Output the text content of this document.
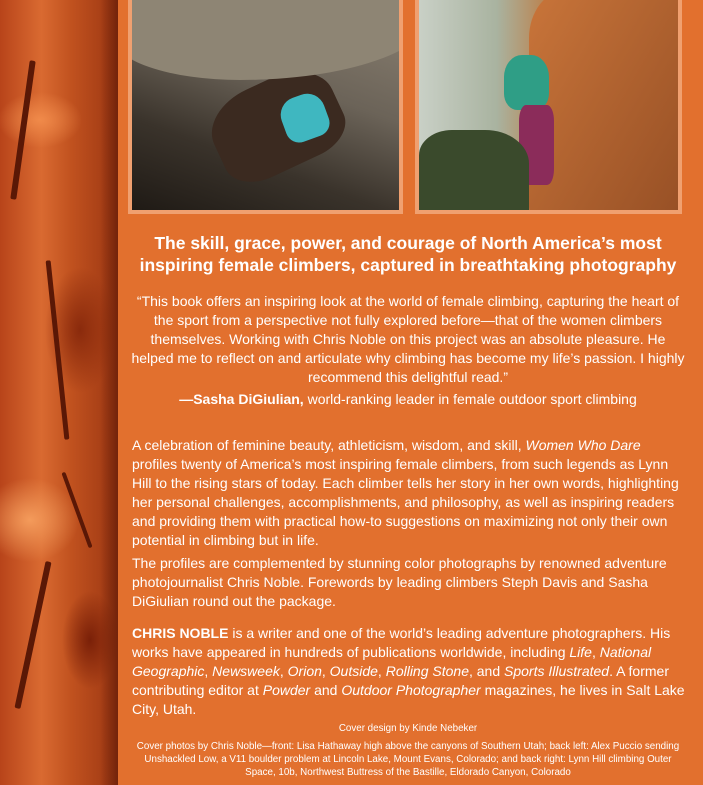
The skill, grace, power, and courage of North America’s most inspiring female climbers, captured in breathtaking photography

“This book offers an inspiring look at the world of female climbing, capturing the heart of the sport from a perspective not fully explored before—that of the women climbers themselves. Working with Chris Noble on this project was an absolute pleasure. He helped me to reflect on and articulate why climbing has become my life’s passion. I highly recommend this delightful read.”

—Sasha DiGiulian, world-ranking leader in female outdoor sport climbing

A celebration of feminine beauty, athleticism, wisdom, and skill, Women Who Dare profiles twenty of America’s most inspiring female climbers, from such legends as Lynn Hill to the rising stars of today. Each climber tells her story in her own words, highlighting her personal challenges, accomplishments, and philosophy, as well as inspiring readers and providing them with practical how-to suggestions on maximizing not only their own potential in climbing but in life.

The profiles are complemented by stunning color photographs by renowned adventure photojournalist Chris Noble. Forewords by leading climbers Steph Davis and Sasha DiGiulian round out the package.

CHRIS NOBLE is a writer and one of the world’s leading adventure photographers. His works have appeared in hundreds of publications worldwide, including Life, National Geographic, Newsweek, Orion, Outside, Rolling Stone, and Sports Illustrated. A former contributing editor at Powder and Outdoor Photographer magazines, he lives in Salt Lake City, Utah.

Cover design by Kinde Nebeker

Cover photos by Chris Noble—front: Lisa Hathaway high above the canyons of Southern Utah; back left: Alex Puccio sending Unshackled Low, a V11 boulder problem at Lincoln Lake, Mount Evans, Colorado; and back right: Lynn Hill climbing Outer Space, 10b, Northwest Buttress of the Bastille, Eldorado Canyon, Colorado
